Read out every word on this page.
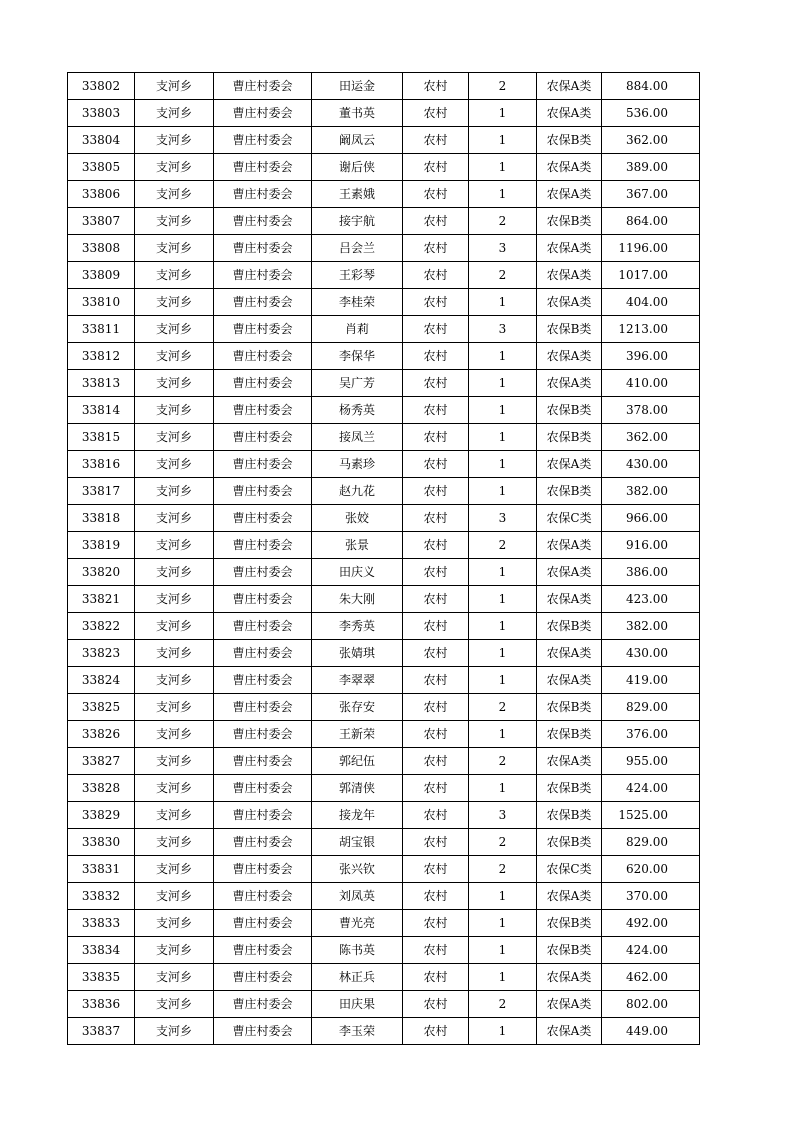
33802	支河乡	曹庄村委会	田运金	农村	2	农保A类	884.00
33803	支河乡	曹庄村委会	董书英	农村	1	农保A类	536.00
33804	支河乡	曹庄村委会	阚凤云	农村	1	农保B类	362.00
33805	支河乡	曹庄村委会	谢后侠	农村	1	农保A类	389.00
33806	支河乡	曹庄村委会	王素娥	农村	1	农保A类	367.00
33807	支河乡	曹庄村委会	接宇航	农村	2	农保B类	864.00
33808	支河乡	曹庄村委会	吕会兰	农村	3	农保A类	1196.00
33809	支河乡	曹庄村委会	王彩琴	农村	2	农保A类	1017.00
33810	支河乡	曹庄村委会	李桂荣	农村	1	农保A类	404.00
33811	支河乡	曹庄村委会	肖莉	农村	3	农保B类	1213.00
33812	支河乡	曹庄村委会	李保华	农村	1	农保A类	396.00
33813	支河乡	曹庄村委会	吴广芳	农村	1	农保A类	410.00
33814	支河乡	曹庄村委会	杨秀英	农村	1	农保B类	378.00
33815	支河乡	曹庄村委会	接凤兰	农村	1	农保B类	362.00
33816	支河乡	曹庄村委会	马素珍	农村	1	农保A类	430.00
33817	支河乡	曹庄村委会	赵九花	农村	1	农保B类	382.00
33818	支河乡	曹庄村委会	张姣	农村	3	农保C类	966.00
33819	支河乡	曹庄村委会	张景	农村	2	农保A类	916.00
33820	支河乡	曹庄村委会	田庆义	农村	1	农保A类	386.00
33821	支河乡	曹庄村委会	朱大刚	农村	1	农保A类	423.00
33822	支河乡	曹庄村委会	李秀英	农村	1	农保B类	382.00
33823	支河乡	曹庄村委会	张婧琪	农村	1	农保A类	430.00
33824	支河乡	曹庄村委会	李翠翠	农村	1	农保A类	419.00
33825	支河乡	曹庄村委会	张存安	农村	2	农保B类	829.00
33826	支河乡	曹庄村委会	王新荣	农村	1	农保B类	376.00
33827	支河乡	曹庄村委会	郭纪伍	农村	2	农保A类	955.00
33828	支河乡	曹庄村委会	郭清侠	农村	1	农保B类	424.00
33829	支河乡	曹庄村委会	接龙年	农村	3	农保B类	1525.00
33830	支河乡	曹庄村委会	胡宝银	农村	2	农保B类	829.00
33831	支河乡	曹庄村委会	张兴钦	农村	2	农保C类	620.00
33832	支河乡	曹庄村委会	刘凤英	农村	1	农保A类	370.00
33833	支河乡	曹庄村委会	曹光亮	农村	1	农保B类	492.00
33834	支河乡	曹庄村委会	陈书英	农村	1	农保B类	424.00
33835	支河乡	曹庄村委会	林正兵	农村	1	农保A类	462.00
33836	支河乡	曹庄村委会	田庆果	农村	2	农保A类	802.00
33837	支河乡	曹庄村委会	李玉荣	农村	1	农保A类	449.00
